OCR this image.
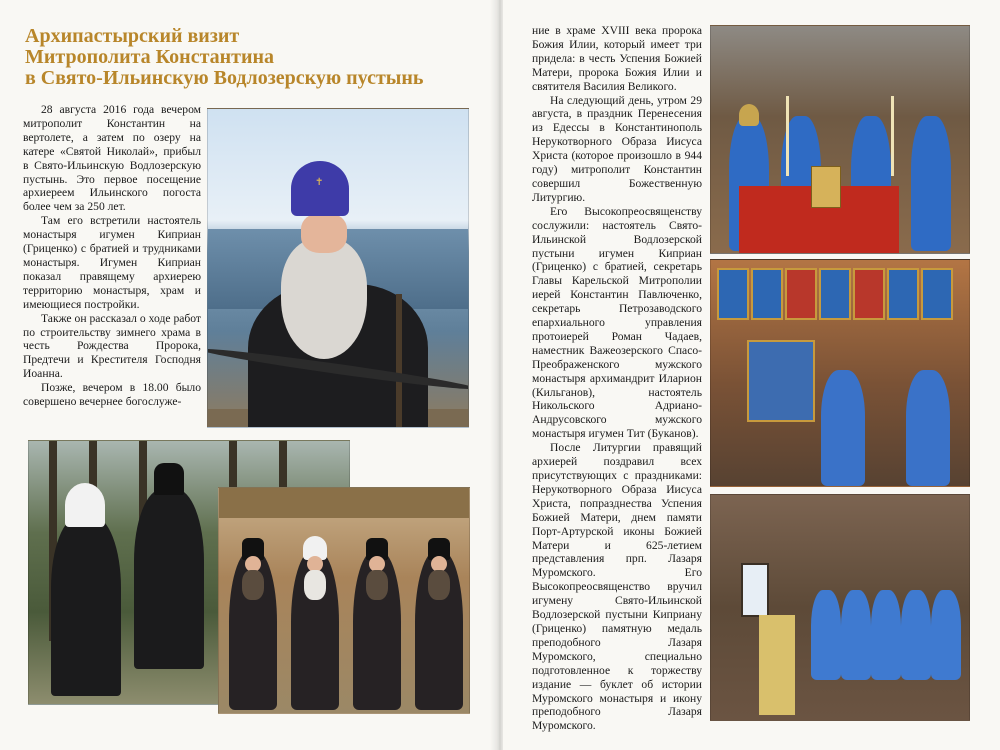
Архипастырский визит
Митрополита Константина
в Свято-Ильинскую Водлозерскую пустынь

28 августа 2016 года вечером митрополит Константин на вертолете, а затем по озеру на катере «Святой Николай», прибыл в Свято-Ильинскую Водлозерскую пустынь. Это первое посещение архиереем Ильинского погоста более чем за 250 лет.

Там его встретили настоятель монастыря игумен Киприан (Гриценко) с братией и трудниками монастыря. Игумен Киприан показал правящему архиерею территорию монастыря, храм и имеющиеся постройки.

Также он рассказал о ходе работ по строительству зимнего храма в честь Рождества Пророка, Предтечи и Крестителя Господня Иоанна.

Позже, вечером в 18.00 было совершено вечернее богослуже-

✝

ние в храме XVIII века пророка Божия Илии, который имеет три придела: в честь Успения Божией Матери, пророка Божия Илии и святителя Василия Великого.

На следующий день, утром 29 августа, в праздник Перенесения из Едессы в Константинополь Нерукотворного Образа Иисуса Христа (которое произошло в 944 году) митрополит Константин совершил Божественную Литургию.

Его Высокопреосвященству сослужили: настоятель Свято-Ильинской Водлозерской пустыни игумен Киприан (Гриценко) с братией, секретарь Главы Карельской Митрополии иерей Константин Павлюченко, секретарь Петрозаводского епархиального управления протоиерей Роман Чадаев, наместник Важеозерского Спасо-Преображенского мужского монастыря архимандрит Иларион (Кильганов), настоятель Никольского Адриано-Андрусовского мужского монастыря игумен Тит (Буканов).

После Литургии правящий архиерей поздравил всех присутствующих с праздниками: Нерукотворного Образа Иисуса Христа, попразднества Успения Божией Матери, днем памяти Порт-Артурской иконы Божией Матери и 625-летием представления прп. Лазаря Муромского. Его Высокопреосвященство вручил игумену Свято-Ильинской Водлозерской пустыни Киприану (Гриценко) памятную медаль преподобного Лазаря Муромского, специально подготовленное к торжеству издание — буклет об истории Муромского монастыря и икону преподобного Лазаря Муромского.
